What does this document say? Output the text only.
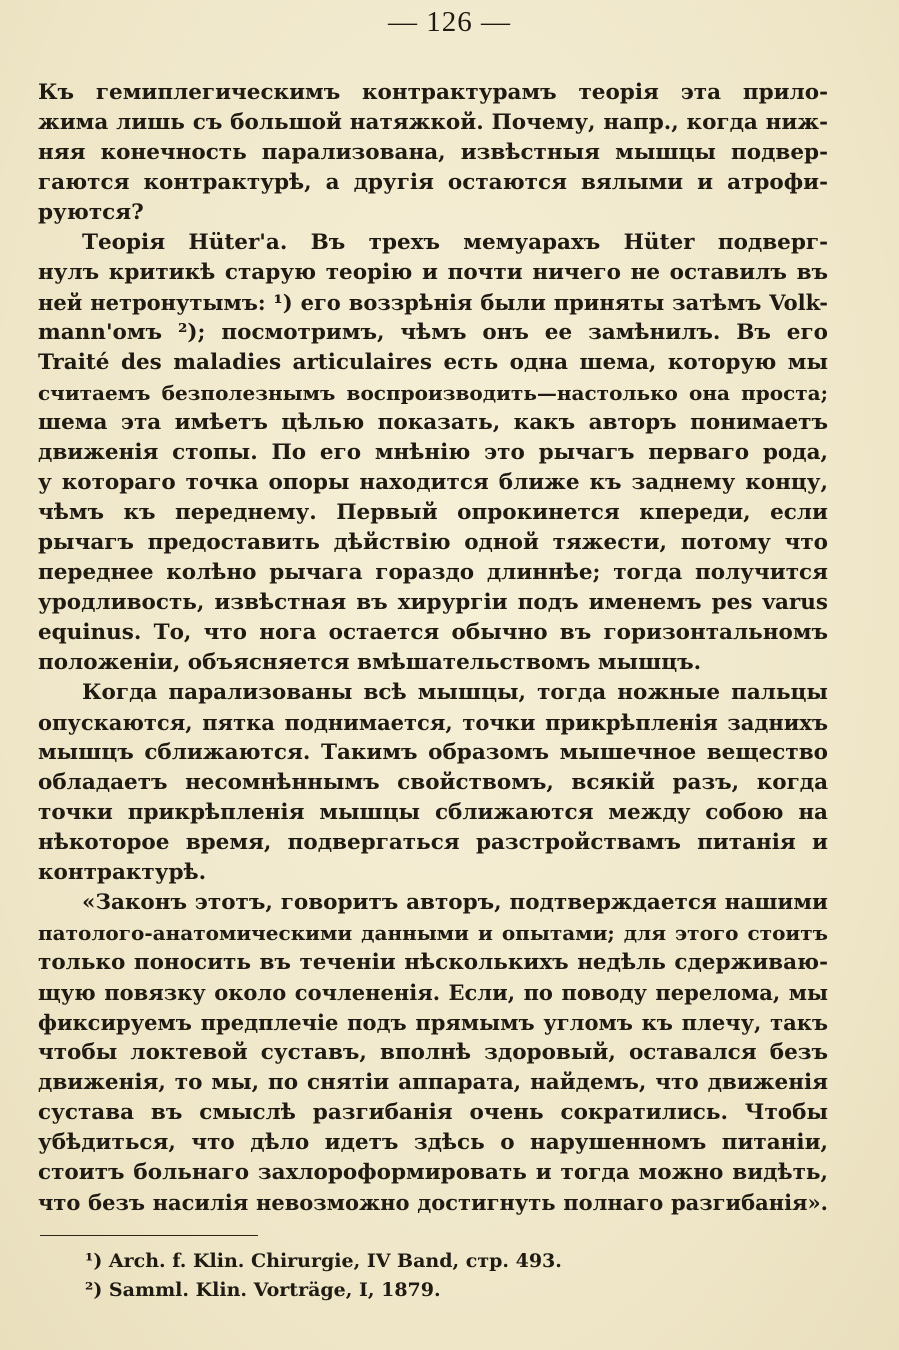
— 126 —
Къ гемиплегическимъ контрактурамъ теорія эта прило-
жима лишь съ большой натяжкой. Почему, напр., когда ниж-
няя конечность парализована, извѣстныя мышцы подвер-
гаются контрактурѣ, а другія остаются вялыми и атрофи-
руются?
Теорія Hüter'a. Въ трехъ мемуарахъ Hüter подверг-
нулъ критикѣ старую теорію и почти ничего не оставилъ въ
ней нетронутымъ: ¹) его воззрѣнія были приняты затѣмъ Volk-
mann'омъ ²); посмотримъ, чѣмъ онъ ее замѣнилъ. Въ его
Traité des maladies articulaires есть одна шема, которую мы
считаемъ безполезнымъ воспроизводить—настолько она проста;
шема эта имѣетъ цѣлью показать, какъ авторъ понимаетъ
движенія стопы. По его мнѣнію это рычагъ перваго рода,
у котораго точка опоры находится ближе къ заднему концу,
чѣмъ къ переднему. Первый опрокинется кпереди, если
рычагъ предоставить дѣйствію одной тяжести, потому что
переднее колѣно рычага гораздо длиннѣе; тогда получится
уродливость, извѣстная въ хирургіи подъ именемъ pes varus
equinus. То, что нога остается обычно въ горизонтальномъ
положеніи, объясняется вмѣшательствомъ мышцъ.
Когда парализованы всѣ мышцы, тогда ножные пальцы
опускаются, пятка поднимается, точки прикрѣпленія заднихъ
мышцъ сближаются. Такимъ образомъ мышечное вещество
обладаетъ несомнѣннымъ свойствомъ, всякій разъ, когда
точки прикрѣпленія мышцы сближаются между собою на
нѣкоторое время, подвергаться разстройствамъ питанія и
контрактурѣ.
«Законъ этотъ, говоритъ авторъ, подтверждается нашими
патолого-анатомическими данными и опытами; для этого стоитъ
только поносить въ теченіи нѣсколькихъ недѣль сдерживаю-
щую повязку около сочлененія. Если, по поводу перелома, мы
фиксируемъ предплечіе подъ прямымъ угломъ къ плечу, такъ
чтобы локтевой суставъ, вполнѣ здоровый, оставался безъ
движенія, то мы, по снятіи аппарата, найдемъ, что движенія
сустава въ смыслѣ разгибанія очень сократились. Чтобы
убѣдиться, что дѣло идетъ здѣсь о нарушенномъ питаніи,
стоитъ больнаго захлороформировать и тогда можно видѣть,
что безъ насилія невозможно достигнуть полнаго разгибанія».
¹) Arch. f. Klin. Chirurgie, IV Band, стр. 493.
²) Samml. Klin. Vorträge, I, 1879.
